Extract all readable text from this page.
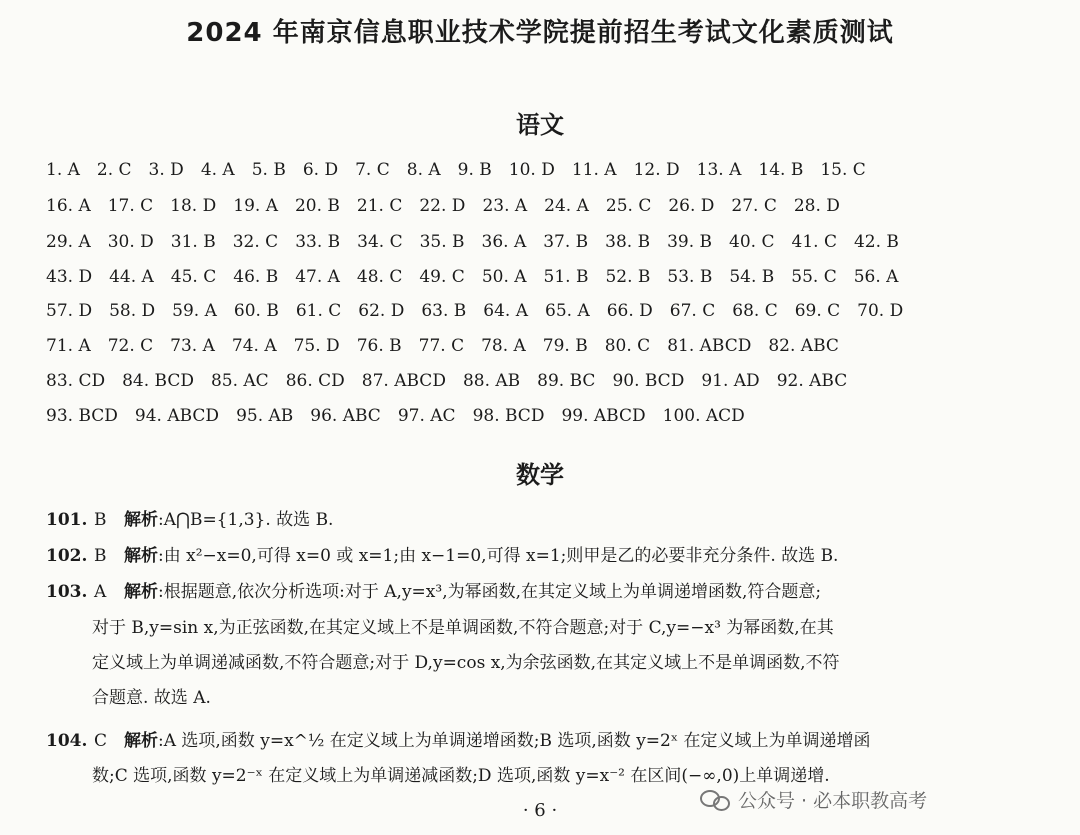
2024 年南京信息职业技术学院提前招生考试文化素质测试
语文
1. A 2. C 3. D 4. A 5. B 6. D 7. C 8. A 9. B 10. D 11. A 12. D 13. A 14. B 15. C
16. A 17. C 18. D 19. A 20. B 21. C 22. D 23. A 24. A 25. C 26. D 27. C 28. D
29. A 30. D 31. B 32. C 33. B 34. C 35. B 36. A 37. B 38. B 39. B 40. C 41. C 42. B
43. D 44. A 45. C 46. B 47. A 48. C 49. C 50. A 51. B 52. B 53. B 54. B 55. C 56. A
57. D 58. D 59. A 60. B 61. C 62. D 63. B 64. A 65. A 66. D 67. C 68. C 69. C 70. D
71. A 72. C 73. A 74. A 75. D 76. B 77. C 78. A 79. B 80. C 81. ABCD 82. ABC
83. CD 84. BCD 85. AC 86. CD 87. ABCD 88. AB 89. BC 90. BCD 91. AD 92. ABC
93. BCD 94. ABCD 95. AB 96. ABC 97. AC 98. BCD 99. ABCD 100. ACD
数学
101. B 解析:A⋂B={1,3}. 故选 B.
102. B 解析:由 x²−x=0,可得 x=0 或 x=1;由 x−1=0,可得 x=1;则甲是乙的必要非充分条件. 故选 B.
103. A 解析:根据题意,依次分析选项:对于 A,y=x³,为幂函数,在其定义域上为单调递增函数,符合题意;
对于 B,y=sin x,为正弦函数,在其定义域上不是单调函数,不符合题意;对于 C,y=−x³ 为幂函数,在其
定义域上为单调递减函数,不符合题意;对于 D,y=cos x,为余弦函数,在其定义域上不是单调函数,不符
合题意. 故选 A.
104. C 解析:A 选项,函数 y=x^½ 在定义域上为单调递增函数;B 选项,函数 y=2ˣ 在定义域上为单调递增函
数;C 选项,函数 y=2⁻ˣ 在定义域上为单调递减函数;D 选项,函数 y=x⁻² 在区间(−∞,0)上单调递增.
· 6 ·	公众号 · 必本职教高考
